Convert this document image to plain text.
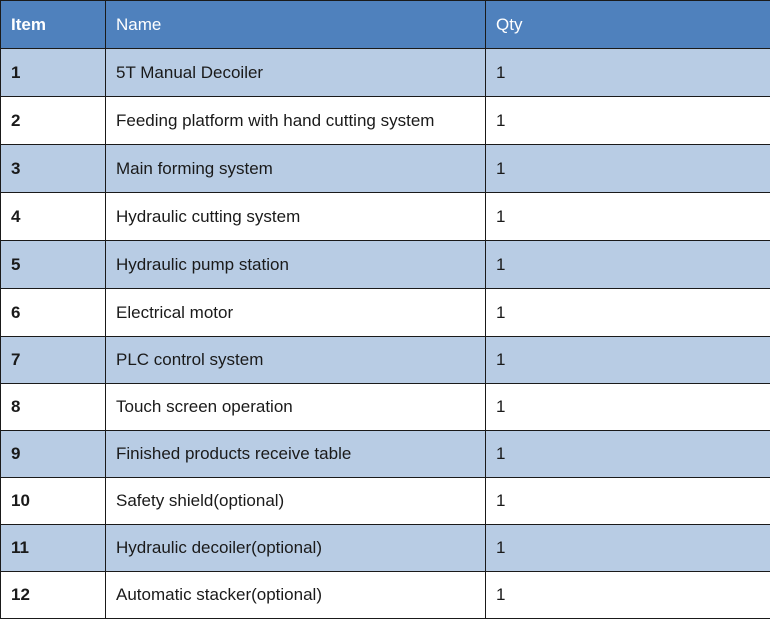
Item	Name	Qty
1	5T Manual Decoiler	1
2	Feeding platform with hand cutting system	1
3	Main forming system	1
4	Hydraulic cutting system	1
5	Hydraulic pump station	1
6	Electrical motor	1
7	PLC control system	1
8	Touch screen operation	1
9	Finished products receive table	1
10	Safety shield(optional)	1
11	Hydraulic decoiler(optional)	1
12	Automatic stacker(optional)	1
